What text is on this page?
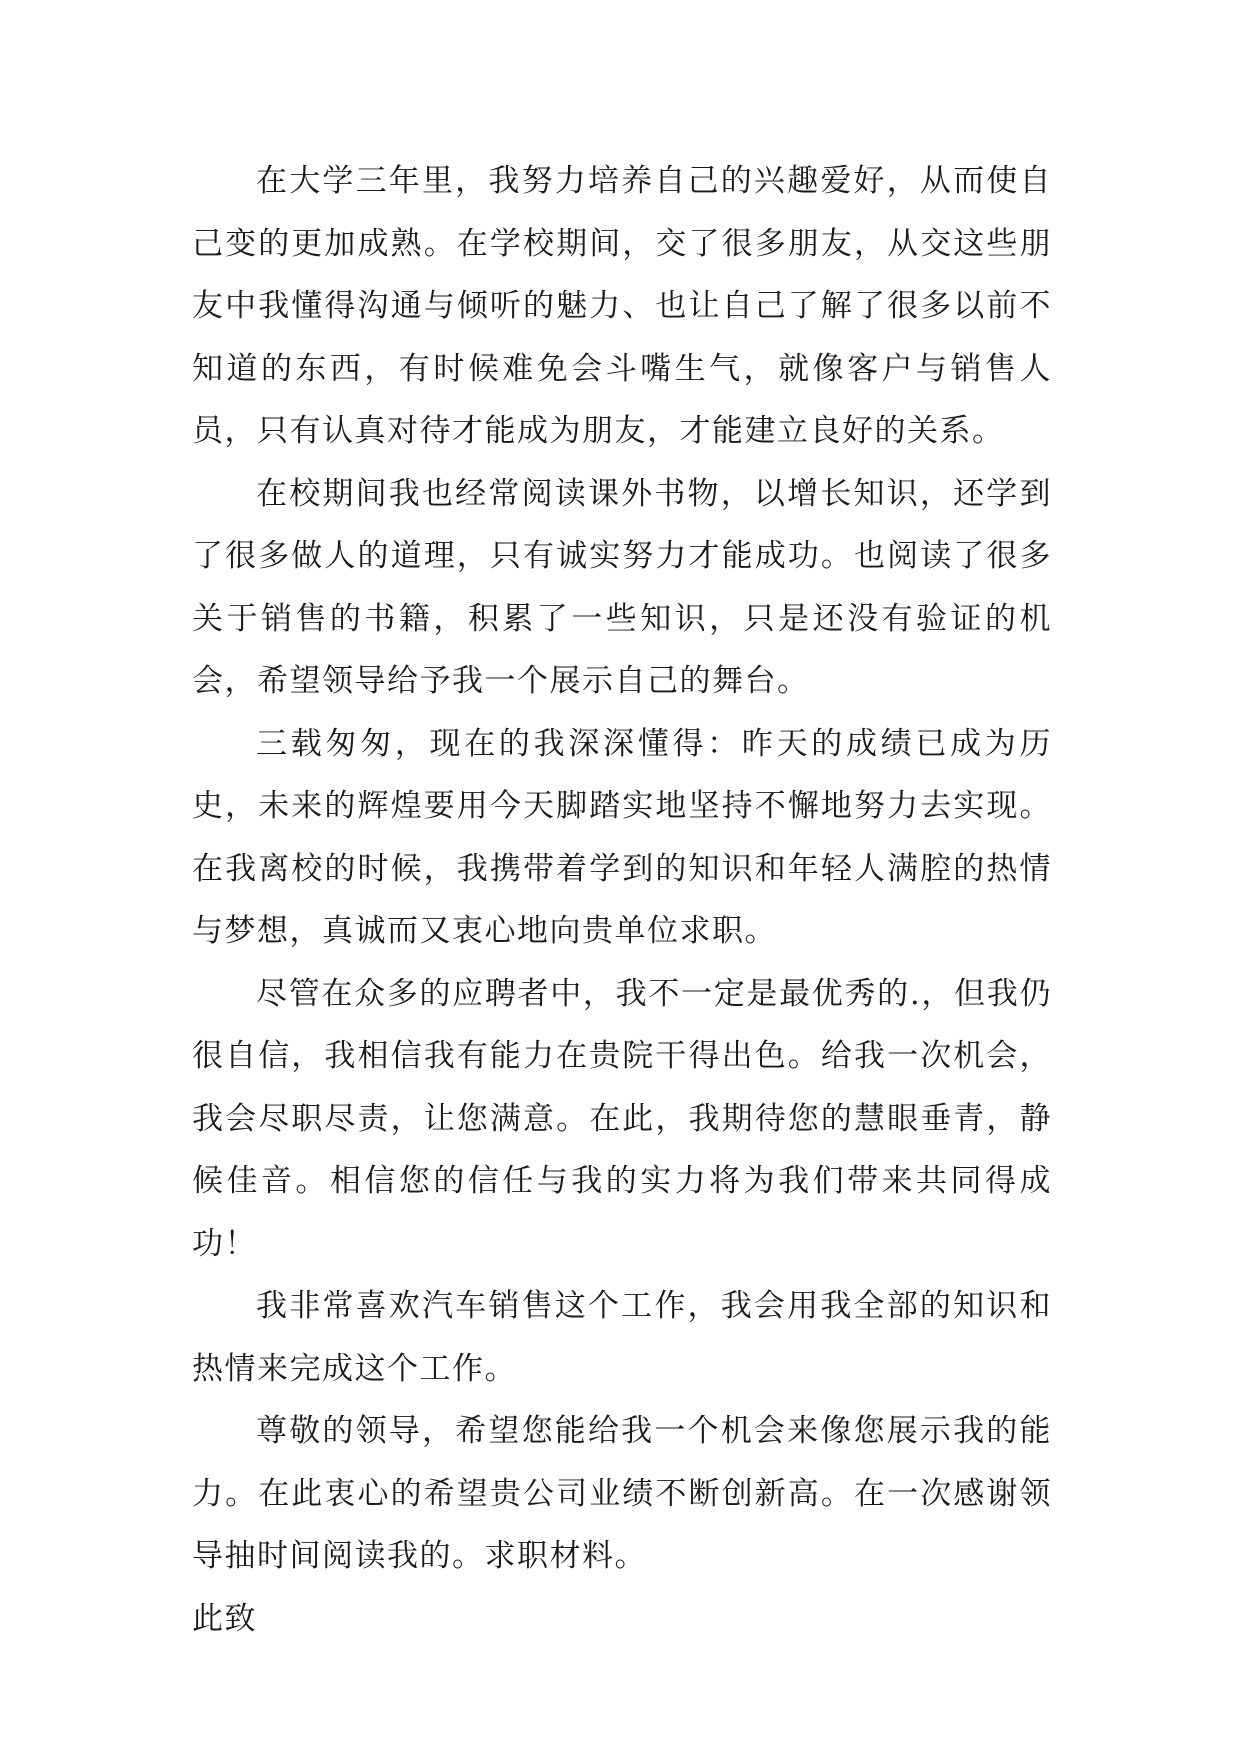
在大学三年里，我努力培养自己的兴趣爱好，从而使自己变的更加成熟。在学校期间，交了很多朋友，从交这些朋友中我懂得沟通与倾听的魅力、也让自己了解了很多以前不知道的东西，有时候难免会斗嘴生气，就像客户与销售人员，只有认真对待才能成为朋友，才能建立良好的关系。

在校期间我也经常阅读课外书物，以增长知识，还学到了很多做人的道理，只有诚实努力才能成功。也阅读了很多关于销售的书籍，积累了一些知识，只是还没有验证的机会，希望领导给予我一个展示自己的舞台。

三载匆匆，现在的我深深懂得：昨天的成绩已成为历史，未来的辉煌要用今天脚踏实地坚持不懈地努力去实现。在我离校的时候，我携带着学到的知识和年轻人满腔的热情与梦想，真诚而又衷心地向贵单位求职。

尽管在众多的应聘者中，我不一定是最优秀的.，但我仍很自信，我相信我有能力在贵院干得出色。给我一次机会，我会尽职尽责，让您满意。在此，我期待您的慧眼垂青，静候佳音。相信您的信任与我的实力将为我们带来共同得成功！

我非常喜欢汽车销售这个工作，我会用我全部的知识和热情来完成这个工作。

尊敬的领导，希望您能给我一个机会来像您展示我的能力。在此衷心的希望贵公司业绩不断创新高。在一次感谢领导抽时间阅读我的。求职材料。

此致
